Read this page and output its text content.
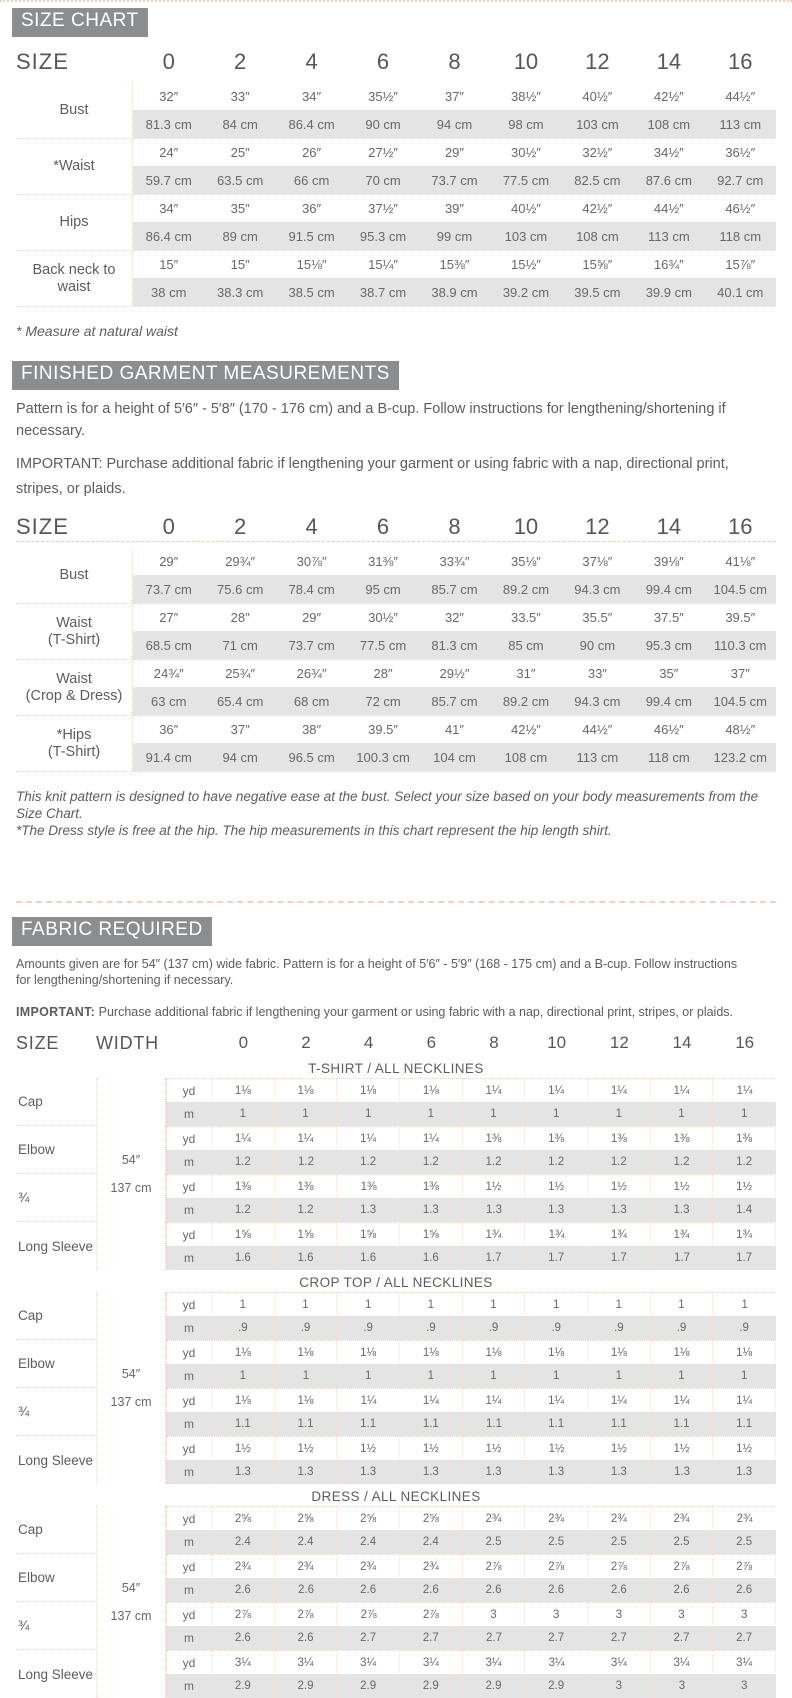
SIZE CHART
SIZE	0	2	4	6	8	10	12	14	16
Bust
32″	33″	34″	35½″	37″	38½″	40½″	42½″	44½″
81.3 cm	84 cm	86.4 cm	90 cm	94 cm	98 cm	103 cm	108 cm	113 cm
*Waist
24″	25″	26″	27½″	29″	30½″	32½″	34½″	36½″
59.7 cm	63.5 cm	66 cm	70 cm	73.7 cm	77.5 cm	82.5 cm	87.6 cm	92.7 cm
Hips
34″	35″	36″	37½″	39″	40½″	42½″	44½″	46½″
86.4 cm	89 cm	91.5 cm	95.3 cm	99 cm	103 cm	108 cm	113 cm	118 cm
Back neck to waist
15″	15″	15⅛″	15¼″	15⅜″	15½″	15⅝″	16¾″	15⅞″
38 cm	38.3 cm	38.5 cm	38.7 cm	38.9 cm	39.2 cm	39.5 cm	39.9 cm	40.1 cm

* Measure at natural waist

FINISHED GARMENT MEASUREMENTS

Pattern is for a height of 5′6″ - 5′8″ (170 - 176 cm) and a B-cup. Follow instructions for lengthening/shortening if necessary.

IMPORTANT: Purchase additional fabric if lengthening your garment or using fabric with a nap, directional print, stripes, or plaids.

SIZE	0	2	4	6	8	10	12	14	16
Bust
29″	29¾″	30⅞″	31⅜″	33¾″	35⅛″	37⅛″	39⅛″	41⅛″
73.7 cm	75.6 cm	78.4 cm	95 cm	85.7 cm	89.2 cm	94.3 cm	99.4 cm	104.5 cm
Waist
(T-Shirt)
27″	28″	29″	30½″	32″	33.5″	35.5″	37.5″	39.5″
68.5 cm	71 cm	73.7 cm	77.5 cm	81.3 cm	85 cm	90 cm	95.3 cm	110.3 cm
Waist
(Crop & Dress)
24¾″	25¾″	26¾″	28″	29½″	31″	33″	35″	37″
63 cm	65.4 cm	68 cm	72 cm	85.7 cm	89.2 cm	94.3 cm	99.4 cm	104.5 cm
*Hips
(T-Shirt)
36″	37″	38″	39.5″	41″	42½″	44½″	46½″	48½″
91.4 cm	94 cm	96.5 cm	100.3 cm	104 cm	108 cm	113 cm	118 cm	123.2 cm

This knit pattern is designed to have negative ease at the bust. Select your size based on your body measurements from the Size Chart.
*The Dress style is free at the hip. The hip measurements in this chart represent the hip length shirt.

FABRIC REQUIRED

Amounts given are for 54″ (137 cm) wide fabric. Pattern is for a height of 5′6″ - 5′9″ (168 - 175 cm) and a B-cup. Follow instructions for lengthening/shortening if necessary.

IMPORTANT: Purchase additional fabric if lengthening your garment or using fabric with a nap, directional print, stripes, or plaids.

SIZE	WIDTH	0	2	4	6	8	10	12	14	16
T-SHIRT / ALL NECKLINES
54″
137 cm
Cap
yd	1⅛	1⅛	1⅛	1⅛	1¼	1¼	1¼	1¼	1¼
m	1	1	1	1	1	1	1	1	1
Elbow
yd	1¼	1¼	1¼	1¼	1⅜	1⅜	1⅜	1⅜	1⅜
m	1.2	1.2	1.2	1.2	1.2	1.2	1.2	1.2	1.2
¾
yd	1⅜	1⅜	1⅜	1⅜	1½	1½	1½	1½	1½
m	1.2	1.2	1.3	1.3	1.3	1.3	1.3	1.3	1.4
Long Sleeve
yd	1⅝	1⅝	1⅝	1⅝	1¾	1¾	1¾	1¾	1¾
m	1.6	1.6	1.6	1.6	1.7	1.7	1.7	1.7	1.7
CROP TOP / ALL NECKLINES
54″
137 cm
Cap
yd	1	1	1	1	1	1	1	1	1
m	.9	.9	.9	.9	.9	.9	.9	.9	.9
Elbow
yd	1⅛	1⅛	1⅛	1⅛	1⅛	1⅛	1⅛	1⅛	1⅛
m	1	1	1	1	1	1	1	1	1
¾
yd	1⅛	1⅛	1¼	1¼	1¼	1¼	1¼	1¼	1¼
m	1.1	1.1	1.1	1.1	1.1	1.1	1.1	1.1	1.1
Long Sleeve
yd	1½	1½	1½	1½	1½	1½	1½	1½	1½
m	1.3	1.3	1.3	1.3	1.3	1.3	1.3	1.3	1.3
DRESS / ALL NECKLINES
54″
137 cm
Cap
yd	2⅝	2⅝	2⅝	2⅝	2¾	2¾	2¾	2¾	2¾
m	2.4	2.4	2.4	2.4	2.5	2.5	2.5	2.5	2.5
Elbow
yd	2¾	2¾	2¾	2¾	2⅞	2⅞	2⅞	2⅞	2⅞
m	2.6	2.6	2.6	2.6	2.6	2.6	2.6	2.6	2.6
¾
yd	2⅞	2⅞	2⅞	2⅞	3	3	3	3	3
m	2.6	2.6	2.7	2.7	2.7	2.7	2.7	2.7	2.7
Long Sleeve
yd	3¼	3¼	3¼	3¼	3¼	3¼	3¼	3¼	3¼
m	2.9	2.9	2.9	2.9	2.9	2.9	3	3	3
